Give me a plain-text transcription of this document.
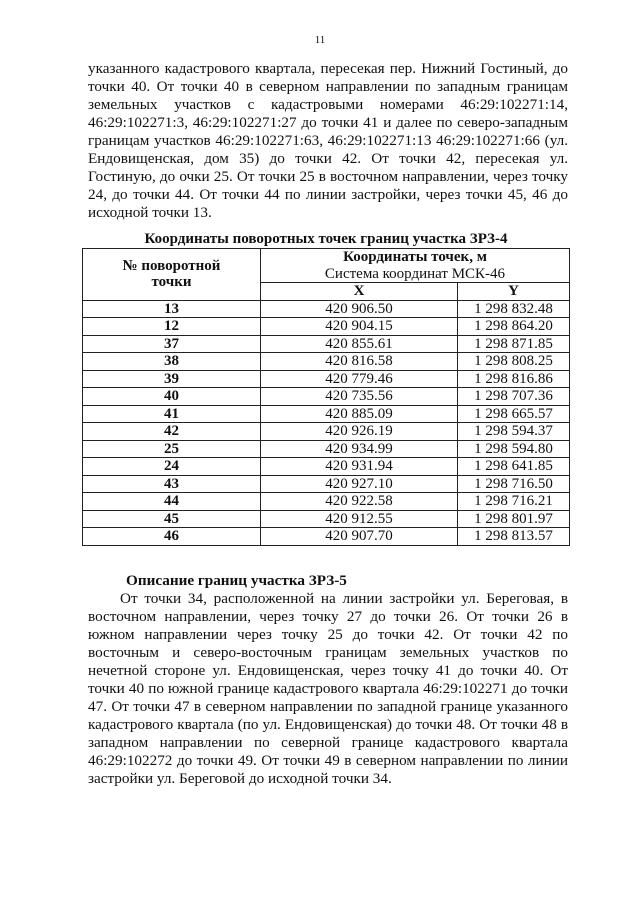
11
указанного кадастрового квартала, пересекая пер. Нижний Гостиный, до
точки 40. От точки 40 в северном направлении по западным границам
земельных участков с кадастровыми номерами 46:29:102271:14,
46:29:102271:3, 46:29:102271:27 до точки 41 и далее по северо-западным
границам участков 46:29:102271:63, 46:29:102271:13 46:29:102271:66 (ул.
Ендовищенская, дом 35) до точки 42. От точки 42, пересекая ул.
Гостиную, до очки 25. От точки 25 в восточном направлении, через точку
24, до точки 44. От точки 44 по линии застройки, через точки 45, 46 до
исходной точки 13.
Координаты поворотных точек границ участка ЗРЗ-4
№ поворотной точки	Координаты точек, м
Система координат МСК-46	

	X	Y
13	420 906.50	1 298 832.48
12	420 904.15	1 298 864.20
37	420 855.61	1 298 871.85
38	420 816.58	1 298 808.25
39	420 779.46	1 298 816.86
40	420 735.56	1 298 707.36
41	420 885.09	1 298 665.57
42	420 926.19	1 298 594.37
25	420 934.99	1 298 594.80
24	420 931.94	1 298 641.85
43	420 927.10	1 298 716.50
44	420 922.58	1 298 716.21
45	420 912.55	1 298 801.97
46	420 907.70	1 298 813.57
Описание границ участка ЗРЗ-5
От точки 34, расположенной на линии застройки ул. Береговая, в
восточном направлении, через точку 27 до точки 26. От точки 26 в
южном направлении через точку 25 до точки 42. От точки 42 по
восточным и северо-восточным границам земельных участков по
нечетной стороне ул. Ендовищенская, через точку 41 до точки 40. От
точки 40 по южной границе кадастрового квартала 46:29:102271 до точки
47. От точки 47 в северном направлении по западной границе указанного
кадастрового квартала (по ул. Ендовищенская) до точки 48. От точки 48 в
западном направлении по северной границе кадастрового квартала
46:29:102272 до точки 49. От точки 49 в северном направлении по линии
застройки ул. Береговой до исходной точки 34.
